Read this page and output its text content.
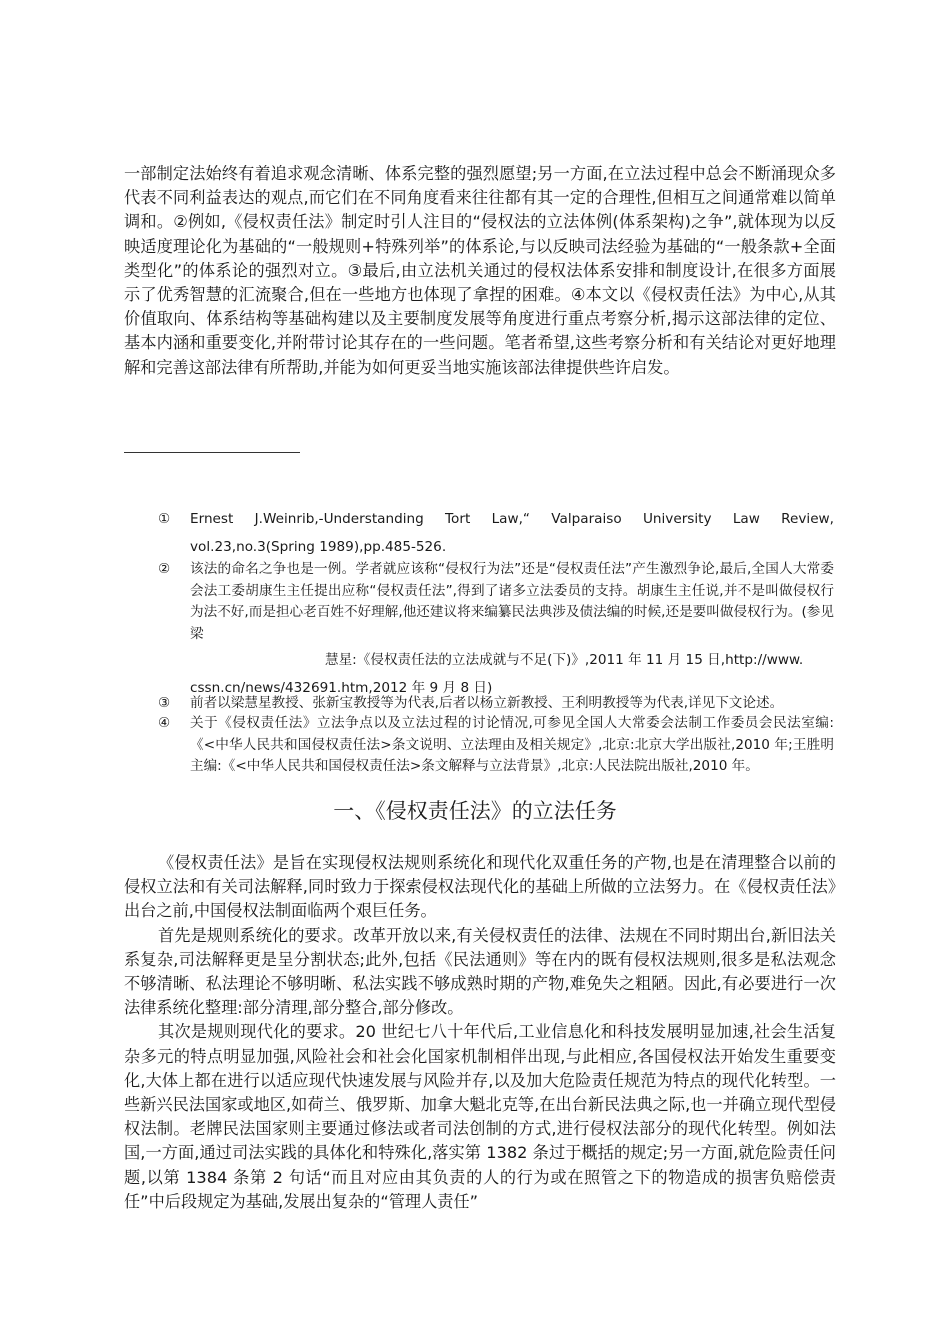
一部制定法始终有着追求观念清晰、体系完整的强烈愿望;另一方面,在立法过程中总会不断涌现众多代表不同利益表达的观点,而它们在不同角度看来往往都有其一定的合理性,但相互之间通常难以简单调和。②例如,《侵权责任法》制定时引人注目的“侵权法的立法体例(体系架构)之争”,就体现为以反映适度理论化为基础的“一般规则+特殊列举”的体系论,与以反映司法经验为基础的“一般条款+全面类型化”的体系论的强烈对立。③最后,由立法机关通过的侵权法体系安排和制度设计,在很多方面展示了优秀智慧的汇流聚合,但在一些地方也体现了拿捏的困难。④本文以《侵权责任法》为中心,从其价值取向、体系结构等基础构建以及主要制度发展等角度进行重点考察分析,揭示这部法律的定位、基本内涵和重要变化,并附带讨论其存在的一些问题。笔者希望,这些考察分析和有关结论对更好地理解和完善这部法律有所帮助,并能为如何更妥当地实施该部法律提供些许启发。

①	Ernest J.Weinrib,-Understanding Tort Law,“ Valparaiso University Law Review, vol.23,no.3(Spring 1989),pp.485-526.
②	该法的命名之争也是一例。学者就应该称“侵权行为法”还是“侵权责任法”产生激烈争论,最后,全国人大常委会法工委胡康生主任提出应称“侵权责任法”,得到了诸多立法委员的支持。胡康生主任说,并不是叫做侵权行为法不好,而是担心老百姓不好理解,他还建议将来编纂民法典涉及债法编的时候,还是要叫做侵权行为。(参见梁
慧星:《侵权责任法的立法成就与不足(下)》,2011 年 11 月 15 日,http://www.
cssn.cn/news/432691.htm,2012 年 9 月 8 日)
③	前者以梁慧星教授、张新宝教授等为代表,后者以杨立新教授、王利明教授等为代表,详见下文论述。
④	关于《侵权责任法》立法争点以及立法过程的讨论情况,可参见全国人大常委会法制工作委员会民法室编:《<中华人民共和国侵权责任法>条文说明、立法理由及相关规定》,北京:北京大学出版社,2010 年;王胜明主编:《<中华人民共和国侵权责任法>条文解释与立法背景》,北京:人民法院出版社,2010 年。
一、《侵权责任法》的立法任务

《侵权责任法》是旨在实现侵权法规则系统化和现代化双重任务的产物,也是在清理整合以前的侵权立法和有关司法解释,同时致力于探索侵权法现代化的基础上所做的立法努力。在《侵权责任法》出台之前,中国侵权法制面临两个艰巨任务。

首先是规则系统化的要求。改革开放以来,有关侵权责任的法律、法规在不同时期出台,新旧法关系复杂,司法解释更是呈分割状态;此外,包括《民法通则》等在内的既有侵权法规则,很多是私法观念不够清晰、私法理论不够明晰、私法实践不够成熟时期的产物,难免失之粗陋。因此,有必要进行一次法律系统化整理:部分清理,部分整合,部分修改。

其次是规则现代化的要求。20 世纪七八十年代后,工业信息化和科技发展明显加速,社会生活复杂多元的特点明显加强,风险社会和社会化国家机制相伴出现,与此相应,各国侵权法开始发生重要变化,大体上都在进行以适应现代快速发展与风险并存,以及加大危险责任规范为特点的现代化转型。一些新兴民法国家或地区,如荷兰、俄罗斯、加拿大魁北克等,在出台新民法典之际,也一并确立现代型侵权法制。老牌民法国家则主要通过修法或者司法创制的方式,进行侵权法部分的现代化转型。例如法国,一方面,通过司法实践的具体化和特殊化,落实第 1382 条过于概括的规定;另一方面,就危险责任问题,以第 1384 条第 2 句话“而且对应由其负责的人的行为或在照管之下的物造成的损害负赔偿责任”中后段规定为基础,发展出复杂的“管理人责任”
